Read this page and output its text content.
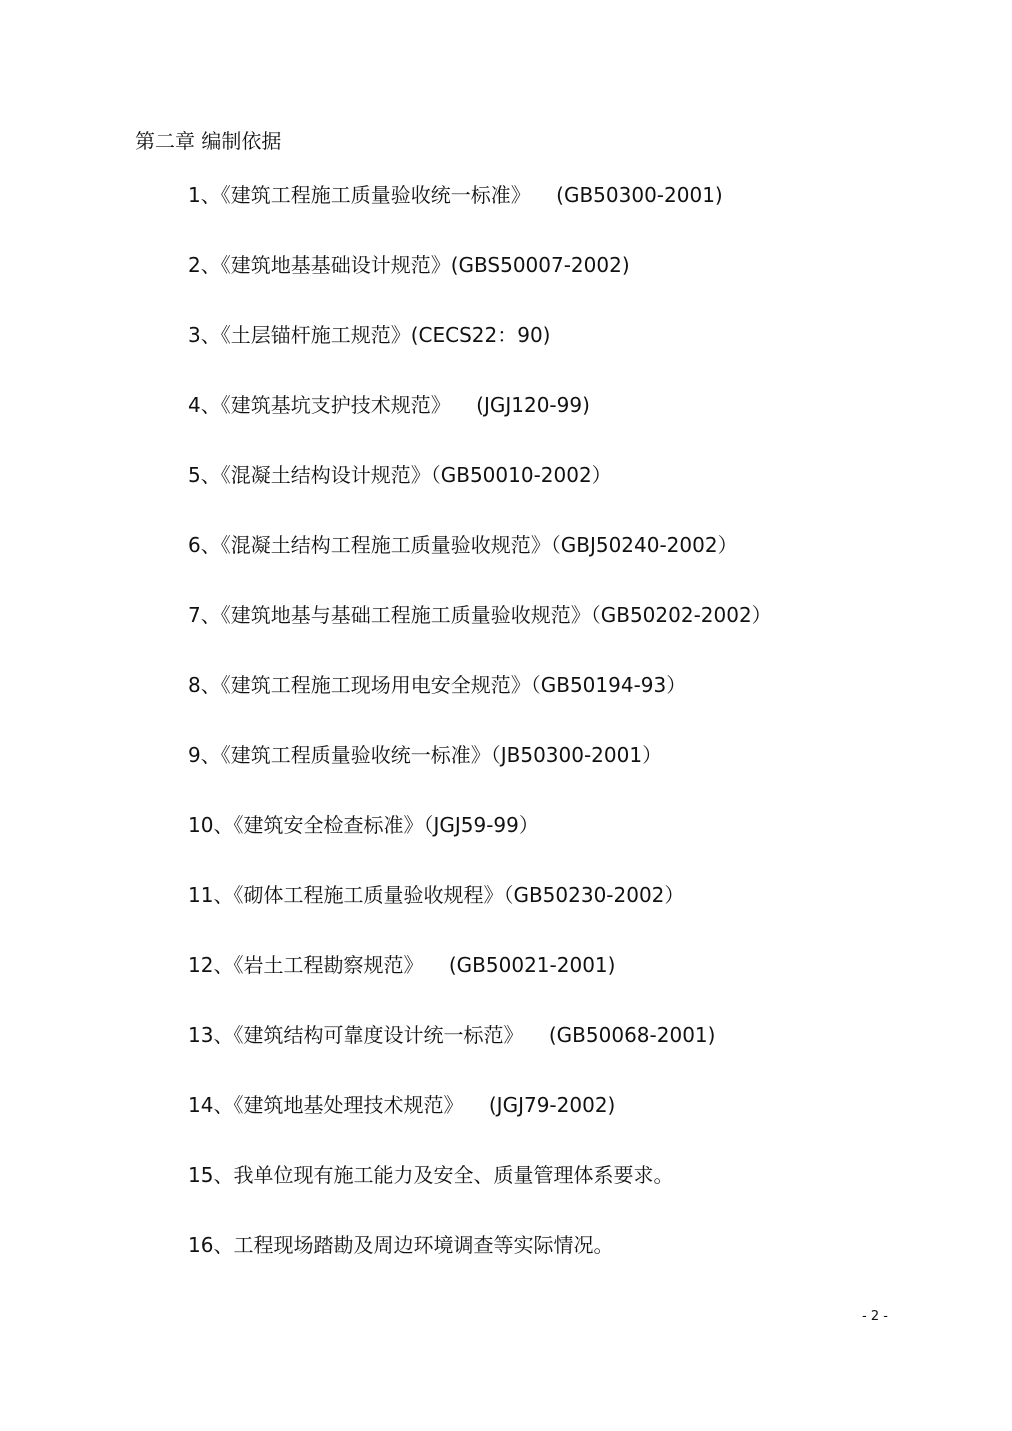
第二章 编制依据
1、《建筑工程施工质量验收统一标准》    (GB50300-2001)
2、《建筑地基基础设计规范》(GBS50007-2002)
3、《土层锚杆施工规范》(CECS22：90)
4、《建筑基坑支护技术规范》    (JGJ120-99)
5、《混凝土结构设计规范》（GB50010-2002）
6、《混凝土结构工程施工质量验收规范》（GBJ50240-2002）
7、《建筑地基与基础工程施工质量验收规范》（GB50202-2002）
8、《建筑工程施工现场用电安全规范》（GB50194-93）
9、《建筑工程质量验收统一标准》（JB50300-2001）
10、《建筑安全检查标准》（JGJ59-99）
11、《砌体工程施工质量验收规程》（GB50230-2002）
12、《岩土工程勘察规范》    (GB50021-2001)
13、《建筑结构可靠度设计统一标范》    (GB50068-2001)
14、《建筑地基处理技术规范》    (JGJ79-2002)
15、我单位现有施工能力及安全、质量管理体系要求。
16、工程现场踏勘及周边环境调查等实际情况。
- 2 -
